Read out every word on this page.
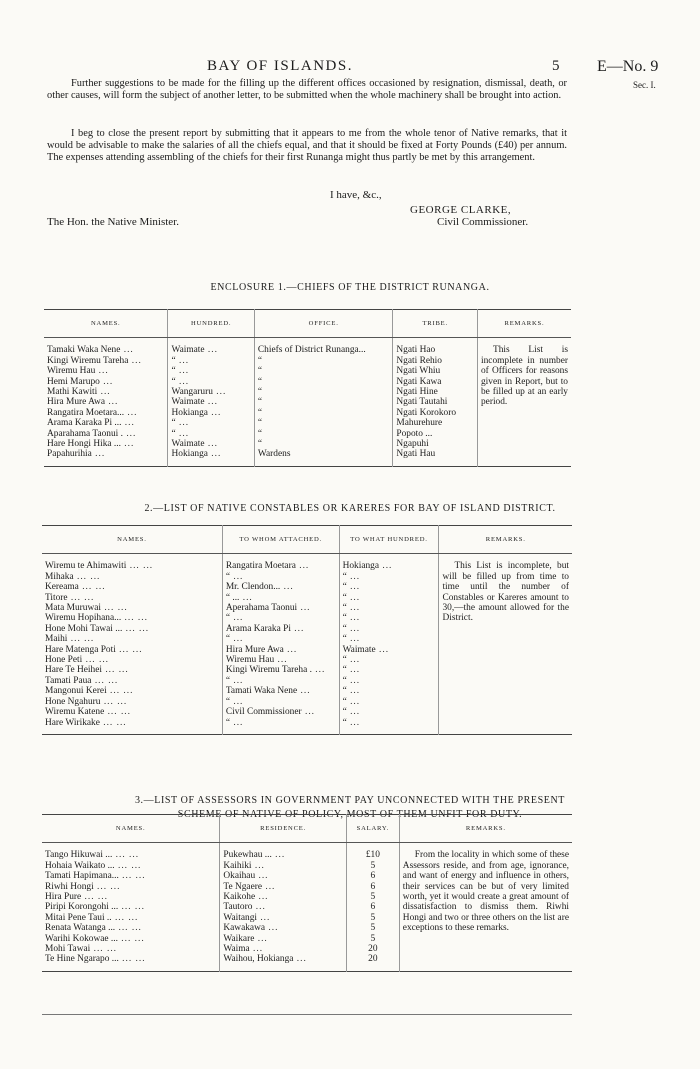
BAY OF ISLANDS.	5 E—No. 9
Sec. I.
Further suggestions to be made for the filling up the different offices occasioned by resignation, dismissal, death, or other causes, will form the subject of another letter, to be submitted when the whole machinery shall be brought into action.
I beg to close the present report by submitting that it appears to me from the whole tenor of Native remarks, that it would be advisable to make the salaries of all the chiefs equal, and that it should be fixed at Forty Pounds (£40) per annum. The expenses attending assembling of the chiefs for their first Runanga might thus partly be met by this arrangement.
I have, &c.,
GEORGE CLARKE,
Civil Commissioner.
The Hon. the Native Minister.
ENCLOSURE 1.—CHIEFS OF THE DISTRICT RUNANGA.
NAMES.	HUNDRED.	OFFICE.	TRIBE.	REMARKS.
Tamaki Waka Nene ...	Waimate ...	Chiefs of District Runanga...	Ngati Hao	This List is incomplete in number of Officers for reasons given in Report, but to be filled up at an early period.
Kingi Wiremu Tareha ...	“ ...	“	Ngati Rehio	
Wiremu Hau ...	“ ...	“	Ngati Whiu	
Hemi Marupo ...	“ ...	“	Ngati Kawa	
Mathi Kawiti ...	Wangaruru ...	“	Ngati Hine	
Hira Mure Awa ...	Waimate ...	“	Ngati Tautahi	
Rangatira Moetara... ...	Hokianga ...	“	Ngati Korokoro	
Arama Karaka Pi ... ...	“ ...	“	Mahurehure	
Aparahama Taonui . ...	“ ...	“	Popoto ...	
Hare Hongi Hika ... ...	Waimate ...	“	Ngapuhi	
Papahurihia ...	Hokianga ...	Wardens	Ngati Hau	
2.—LIST OF NATIVE CONSTABLES OR KARERES FOR BAY OF ISLAND DISTRICT.
NAMES.	TO WHOM ATTACHED.	TO WHAT HUNDRED.	REMARKS.
Wiremu te Ahimawiti ... ...	Rangatira Moetara ...	Hokianga ...	This List is incomplete, but will be filled up from time to time until the number of Constables or Kareres amount to 30,—the amount allowed for the District.
Mihaka ... ...	“ ...	“ ...	
Kereama ... ...	Mr. Clendon... ...	“ ...	
Titore ... ...	“ ... ...	“ ...	
Mata Muruwai ... ...	Aperahama Taonui ...	“ ...	
Wiremu Hopihana... ... ...	“ ...	“ ...	
Hone Mohi Tawai ... ... ...	Arama Karaka Pi ...	“ ...	
Maihi ... ...	“ ...	“ ...	
Hare Matenga Poti ... ...	Hira Mure Awa ...	Waimate ...	
Hone Peti ... ...	Wiremu Hau ...	“ ...	
Hare Te Heihei ... ...	Kingi Wiremu Tareha . ...	“ ...	
Tamati Paua ... ...	“ ...	“ ...	
Mangonui Kerei ... ...	Tamati Waka Nene ...	“ ...	
Hone Ngahuru ... ...	“ ...	“ ...	
Wiremu Katene ... ...	Civil Commissioner ...	“ ...	
Hare Wirikake ... ...	“ ...	“ ...	
3.—LIST OF ASSESSORS IN GOVERNMENT PAY UNCONNECTED WITH THE PRESENT
SCHEME OF NATIVE OF POLICY, MOST OF THEM UNFIT FOR DUTY.
NAMES.	RESIDENCE.	SALARY.	REMARKS.
Tango Hikuwai ... ... ...	Pukewhau ... ...	£10	From the locality in which some of these Assessors reside, and from age, ignorance, and want of energy and influence in others, their services can be but of very limited worth, yet it would create a great amount of dissatisfaction to dismiss them. Riwhi Hongi and two or three others on the list are exceptions to these remarks.
Hohaia Waikato ... ... ...	Kaihiki ...	5	
Tamati Hapimana... ... ...	Okaihau ...	6	
Riwhi Hongi ... ...	Te Ngaere ...	6	
Hira Pure ... ...	Kaikohe ...	5	
Piripi Korongohi ... ... ...	Tautoro ...	6	
Mitai Pene Taui .. ... ...	Waitangi ...	5	
Renata Watanga ... ... ...	Kawakawa ...	5	
Warihi Kokowae ... ... ...	Waikare ...	5	
Mohi Tawai ... ...	Waima ...	20	
Te Hine Ngarapo ... ... ...	Waihou, Hokianga ...	20	
